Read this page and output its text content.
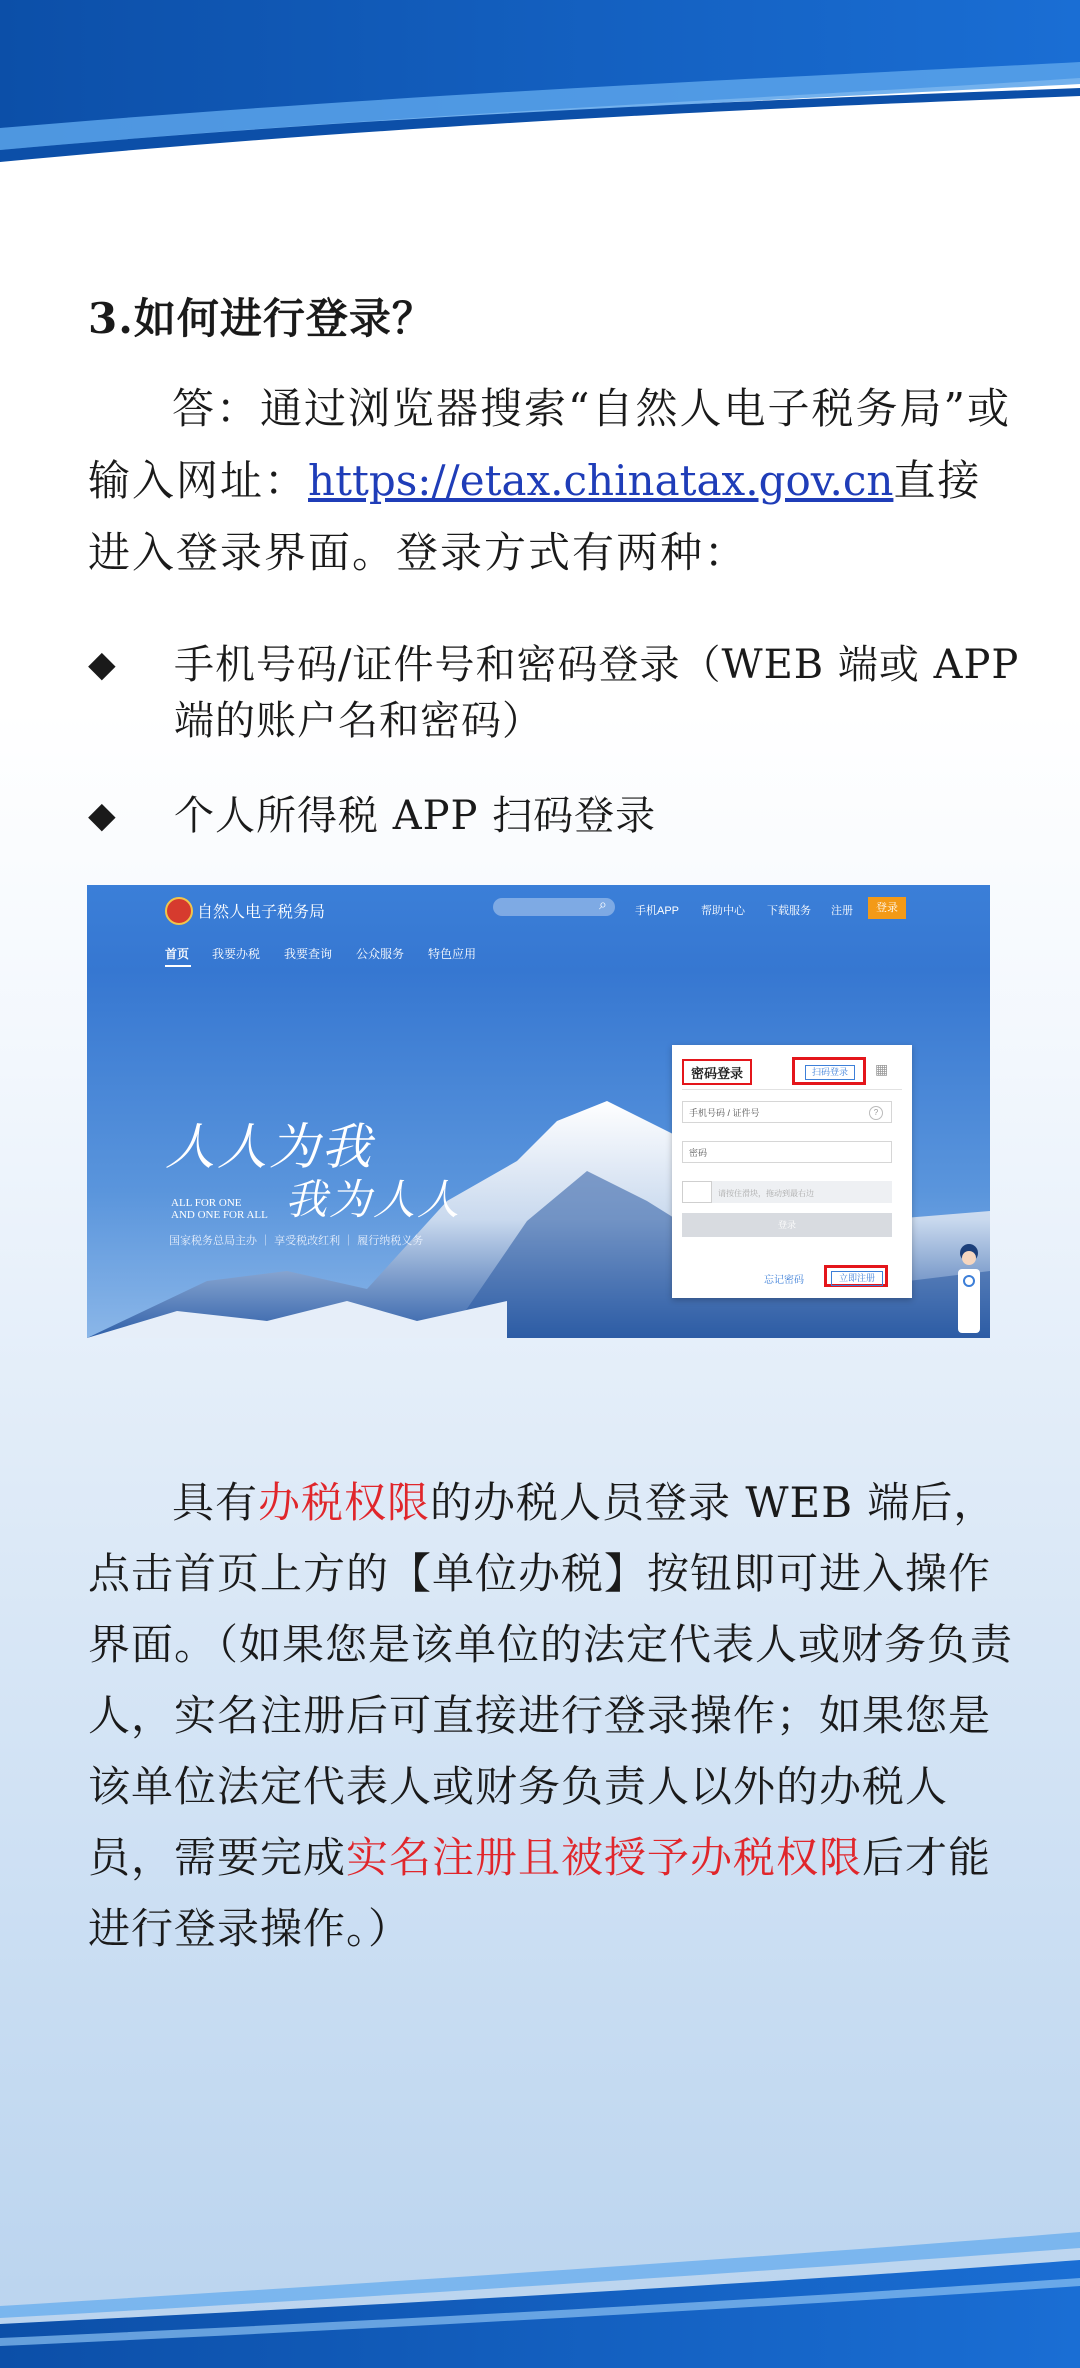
3.如何进行登录？
答：通过浏览器搜索“自然人电子税务局”或输入网址：https://etax.chinatax.gov.cn直接进入登录界面。登录方式有两种：
◆	手机号码/证件号和密码登录（WEB 端或 APP 端的账户名和密码）
◆	个人所得税 APP 扫码登录
自然人电子税务局	⌕	手机APP 帮助中心 下载服务 注册	登录
首页 我要办税 我要查询 公众服务 特色应用
人人为我
我为人人
ALL FOR ONE
AND ONE FOR ALL
国家税务总局主办 ｜ 享受税改红利 ｜ 履行纳税义务
密码登录	扫码登录	▦
手机号码 / 证件号	?
密码
请按住滑块，拖动到最右边
登录
忘记密码	立即注册
具有办税权限的办税人员登录 WEB 端后，点击首页上方的【单位办税】按钮即可进入操作界面。（如果您是该单位的法定代表人或财务负责人，实名注册后可直接进行登录操作；如果您是该单位法定代表人或财务负责人以外的办税人员，需要完成实名注册且被授予办税权限后才能进行登录操作。）
